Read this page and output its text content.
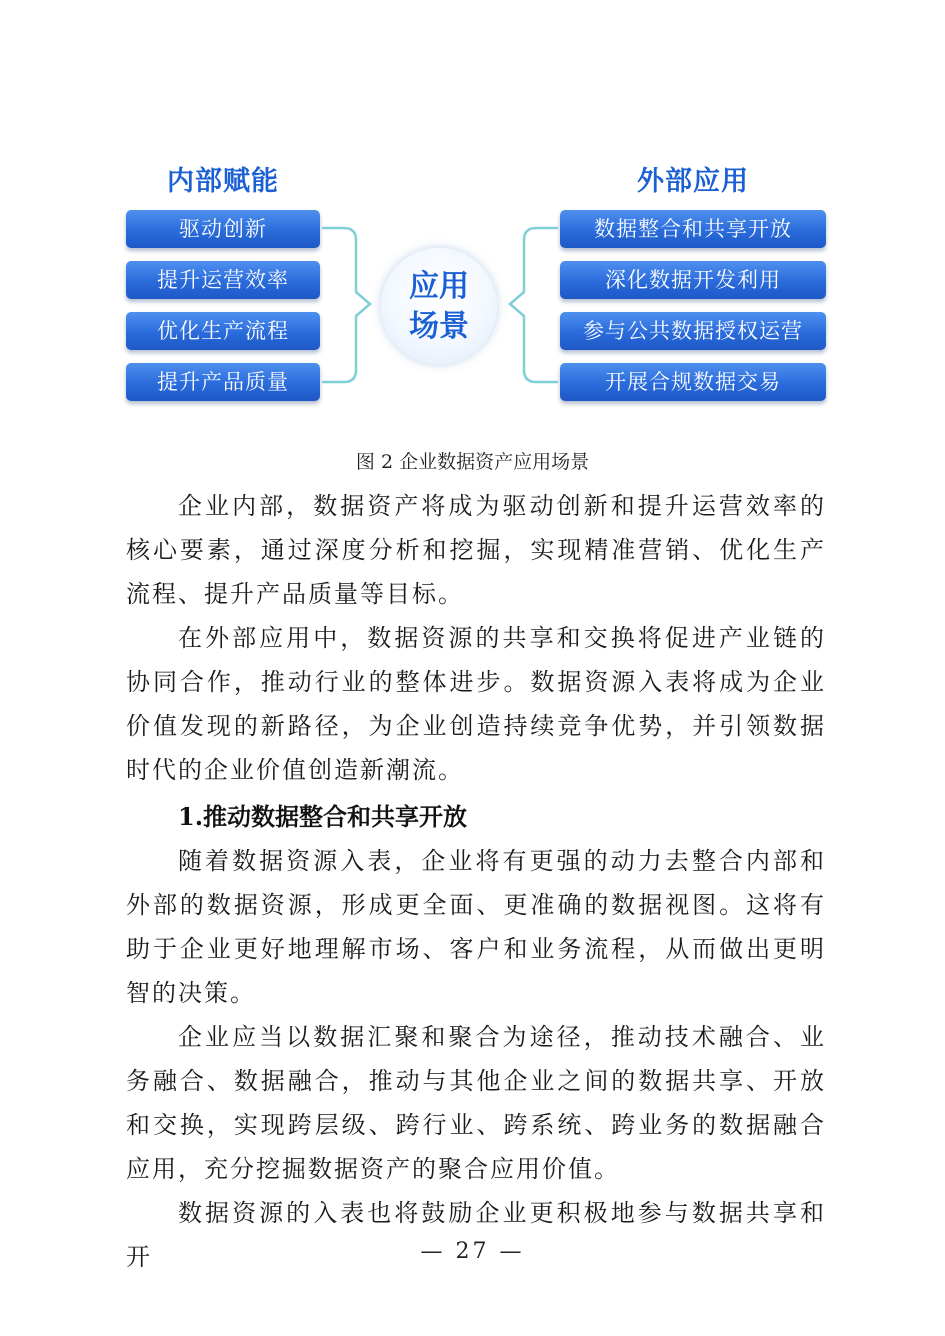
内部赋能	外部应用
驱动创新
提升运营效率
优化生产流程
提升产品质量
数据整合和共享开放
深化数据开发利用
参与公共数据授权运营
开展合规数据交易
应用
场景
图 2 企业数据资产应用场景
企业内部，数据资产将成为驱动创新和提升运营效率的核心要素，通过深度分析和挖掘，实现精准营销、优化生产流程、提升产品质量等目标。
在外部应用中，数据资源的共享和交换将促进产业链的协同合作，推动行业的整体进步。数据资源入表将成为企业价值发现的新路径，为企业创造持续竞争优势，并引领数据时代的企业价值创造新潮流。
1.推动数据整合和共享开放
随着数据资源入表，企业将有更强的动力去整合内部和外部的数据资源，形成更全面、更准确的数据视图。这将有助于企业更好地理解市场、客户和业务流程，从而做出更明智的决策。
企业应当以数据汇聚和聚合为途径，推动技术融合、业务融合、数据融合，推动与其他企业之间的数据共享、开放和交换，实现跨层级、跨行业、跨系统、跨业务的数据融合应用，充分挖掘数据资产的聚合应用价值。
数据资源的入表也将鼓励企业更积极地参与数据共享和开	— 27 —
